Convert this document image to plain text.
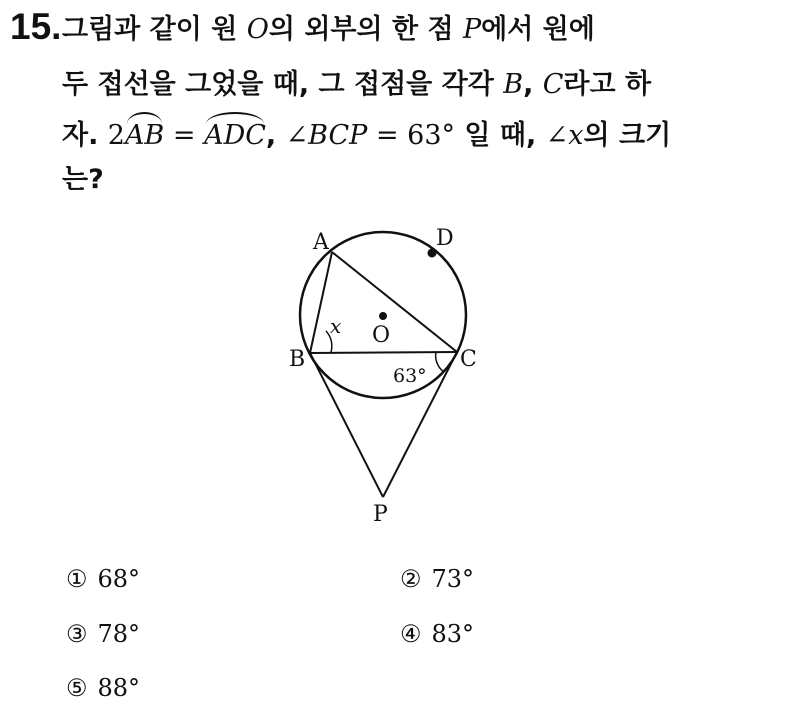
15. 그림과 같이 원 O의 외부의 한 점 P에서 원에
두 접선을 그었을 때, 그 접점을 각각 B, C라고 하
자. 2AB = ADC, ∠BCP = 63° 일 때, ∠x의 크기
는?
A	D
O
x
B	C
63°
P
① 68°	② 73°
③ 78°	④ 83°
⑤ 88°
